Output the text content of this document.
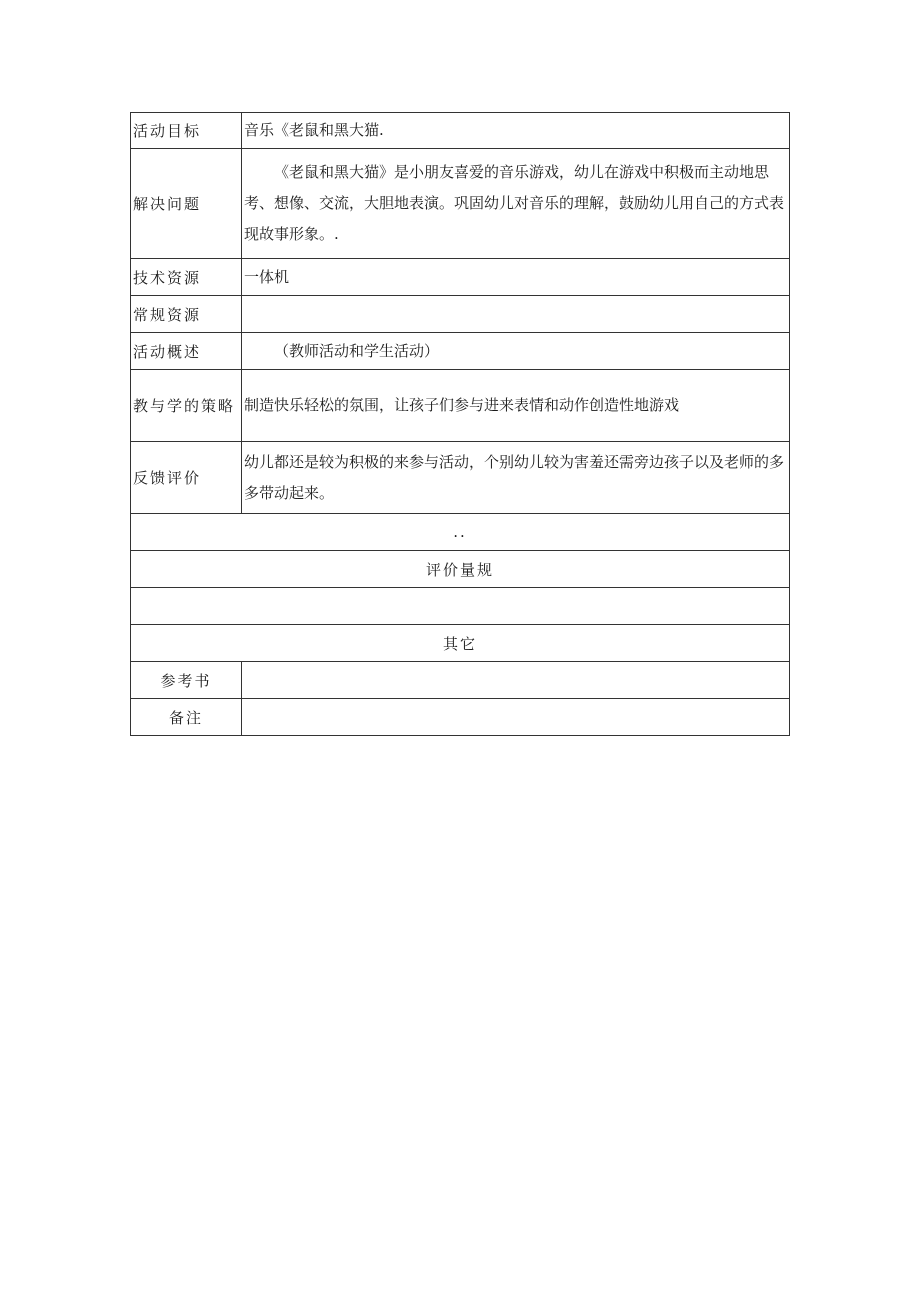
活动目标	音乐《老鼠和黑大猫.
解决问题	《老鼠和黑大猫》是小朋友喜爱的音乐游戏，幼儿在游戏中积极而主动地思考、想像、交流，大胆地表演。巩固幼儿对音乐的理解，鼓励幼儿用自己的方式表现故事形象。.
技术资源	一体机
常规资源	
活动概述	（教师活动和学生活动）
教与学的策略	制造快乐轻松的氛围，让孩子们参与进来表情和动作创造性地游戏
反馈评价	幼儿都还是较为积极的来参与活动，个别幼儿较为害羞还需旁边孩子以及老师的多多带动起来。
..	
评价量规	

其它	
参考书	
备注	
